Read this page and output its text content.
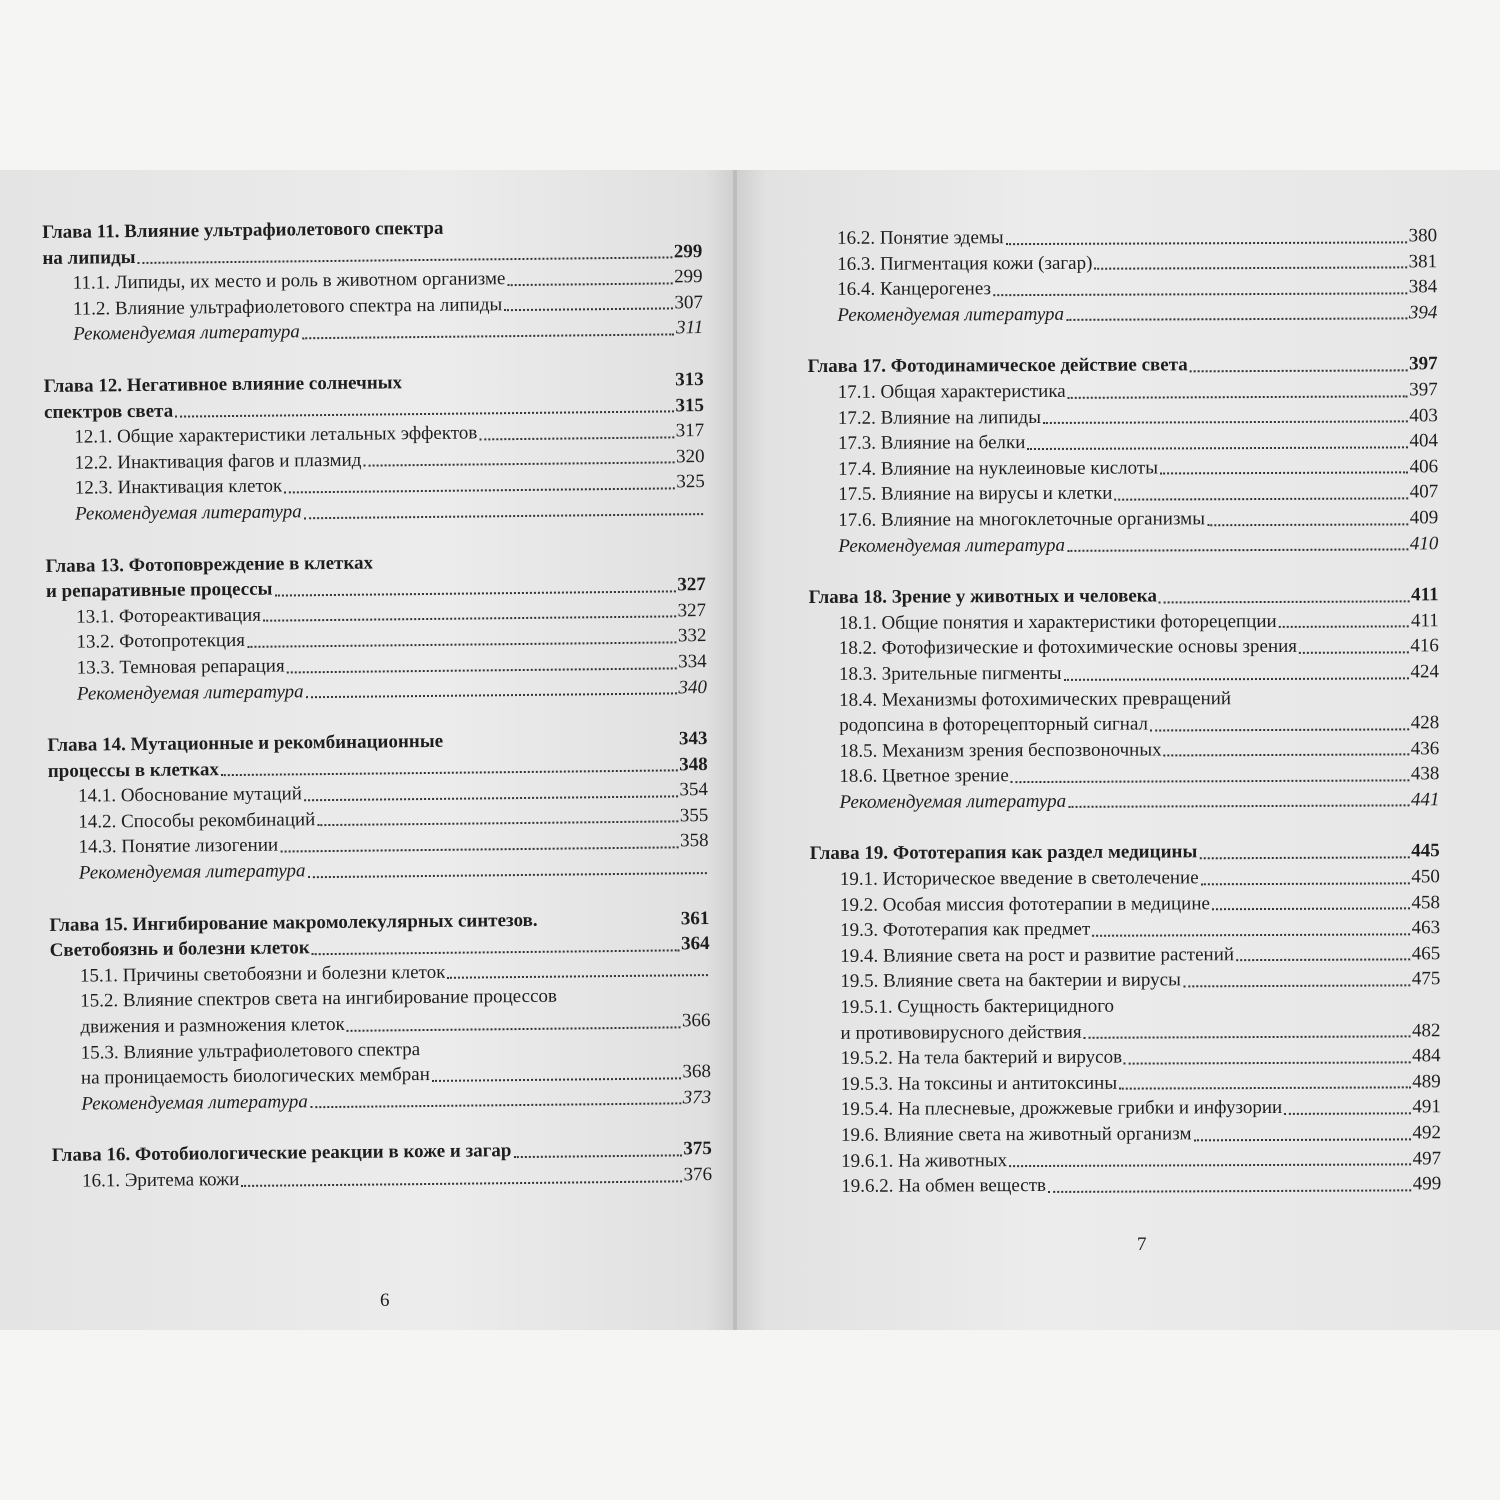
Глава 11. Влияние ультрафиолетового спектра
на липиды	299
11.1. Липиды, их место и роль в животном организме	299
11.2. Влияние ультрафиолетового спектра на липиды	307
Рекомендуемая литература	311
Глава 12. Негативное влияние солнечных	313
спектров света	315
12.1. Общие характеристики летальных эффектов	317
12.2. Инактивация фагов и плазмид	320
12.3. Инактивация клеток	325
Рекомендуемая литература
Глава 13. Фотоповреждение в клетках
и репаративные процессы	327
13.1. Фотореактивация	327
13.2. Фотопротекция	332
13.3. Темновая репарация	334
Рекомендуемая литература	340
Глава 14. Мутационные и рекомбинационные	343
процессы в клетках	348
14.1. Обоснование мутаций	354
14.2. Способы рекомбинаций	355
14.3. Понятие лизогении	358
Рекомендуемая литература
Глава 15. Ингибирование макромолекулярных синтезов.	361
Светобоязнь и болезни клеток	364
15.1. Причины светобоязни и болезни клеток
15.2. Влияние спектров света на ингибирование процессов
движения и размножения клеток	366
15.3. Влияние ультрафиолетового спектра
на проницаемость биологических мембран	368
Рекомендуемая литература	373
Глава 16. Фотобиологические реакции в коже и загар	375
16.1. Эритема кожи	376
6
16.2. Понятие эдемы	380
16.3. Пигментация кожи (загар)	381
16.4. Канцерогенез	384
Рекомендуемая литература	394
Глава 17. Фотодинамическое действие света	397
17.1. Общая характеристика	397
17.2. Влияние на липиды	403
17.3. Влияние на белки	404
17.4. Влияние на нуклеиновые кислоты	406
17.5. Влияние на вирусы и клетки	407
17.6. Влияние на многоклеточные организмы	409
Рекомендуемая литература	410
Глава 18. Зрение у животных и человека	411
18.1. Общие понятия и характеристики фоторецепции	411
18.2. Фотофизические и фотохимические основы зрения	416
18.3. Зрительные пигменты	424
18.4. Механизмы фотохимических превращений
родопсина в фоторецепторный сигнал	428
18.5. Механизм зрения беспозвоночных	436
18.6. Цветное зрение	438
Рекомендуемая литература	441
Глава 19. Фототерапия как раздел медицины	445
19.1. Историческое введение в светолечение	450
19.2. Особая миссия фототерапии в медицине	458
19.3. Фототерапия как предмет	463
19.4. Влияние света на рост и развитие растений	465
19.5. Влияние света на бактерии и вирусы	475
19.5.1. Сущность бактерицидного
и противовирусного действия	482
19.5.2. На тела бактерий и вирусов	484
19.5.3. На токсины и антитоксины	489
19.5.4. На плесневые, дрожжевые грибки и инфузории	491
19.6. Влияние света на животный организм	492
19.6.1. На животных	497
19.6.2. На обмен веществ	499
7
